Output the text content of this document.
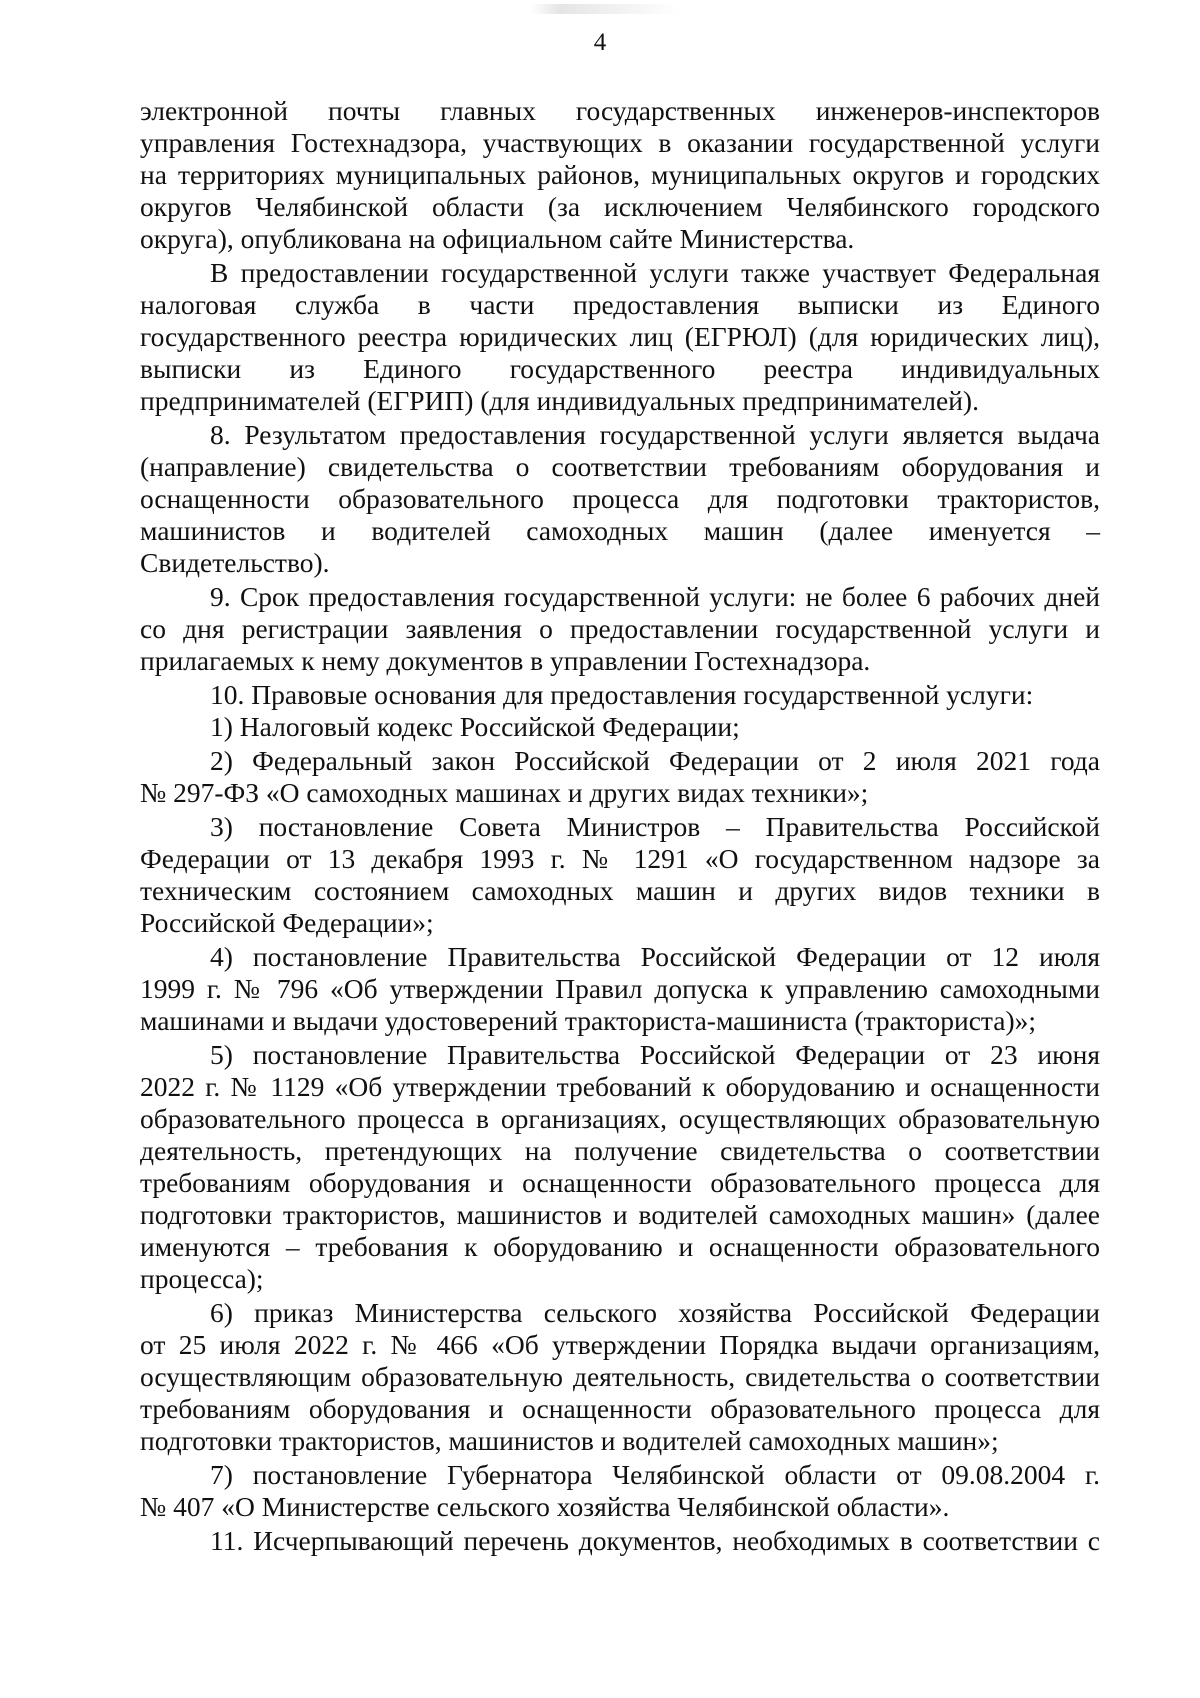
4
электронной почты главных государственных инженеров-инспекторов
управления Гостехнадзора, участвующих в оказании государственной услуги
на территориях муниципальных районов, муниципальных округов и городских
округов Челябинской области (за исключением Челябинского городского
округа), опубликована на официальном сайте Министерства.
В предоставлении государственной услуги также участвует Федеральная
налоговая служба в части предоставления выписки из Единого
государственного реестра юридических лиц (ЕГРЮЛ) (для юридических лиц),
выписки из Единого государственного реестра индивидуальных
предпринимателей (ЕГРИП) (для индивидуальных предпринимателей).
8. Результатом предоставления государственной услуги является выдача
(направление) свидетельства о соответствии требованиям оборудования и
оснащенности образовательного процесса для подготовки трактористов,
машинистов и водителей самоходных машин (далее именуется –
Свидетельство).
9. Срок предоставления государственной услуги: не более 6 рабочих дней
со дня регистрации заявления о предоставлении государственной услуги и
прилагаемых к нему документов в управлении Гостехнадзора.
10. Правовые основания для предоставления государственной услуги:
1) Налоговый кодекс Российской Федерации;
2) Федеральный закон Российской Федерации от 2 июля 2021 года
№ 297-ФЗ «О самоходных машинах и других видах техники»;
3) постановление Совета Министров – Правительства Российской
Федерации от 13 декабря 1993 г. № 1291 «О государственном надзоре за
техническим состоянием самоходных машин и других видов техники в
Российской Федерации»;
4) постановление Правительства Российской Федерации от 12 июля
1999 г. № 796 «Об утверждении Правил допуска к управлению самоходными
машинами и выдачи удостоверений тракториста-машиниста (тракториста)»;
5) постановление Правительства Российской Федерации от 23 июня
2022 г. № 1129 «Об утверждении требований к оборудованию и оснащенности
образовательного процесса в организациях, осуществляющих образовательную
деятельность, претендующих на получение свидетельства о соответствии
требованиям оборудования и оснащенности образовательного процесса для
подготовки трактористов, машинистов и водителей самоходных машин» (далее
именуются – требования к оборудованию и оснащенности образовательного
процесса);
6) приказ Министерства сельского хозяйства Российской Федерации
от 25 июля 2022 г. № 466 «Об утверждении Порядка выдачи организациям,
осуществляющим образовательную деятельность, свидетельства о соответствии
требованиям оборудования и оснащенности образовательного процесса для
подготовки трактористов, машинистов и водителей самоходных машин»;
7) постановление Губернатора Челябинской области от 09.08.2004 г.
№ 407 «О Министерстве сельского хозяйства Челябинской области».
11. Исчерпывающий перечень документов, необходимых в соответствии с
